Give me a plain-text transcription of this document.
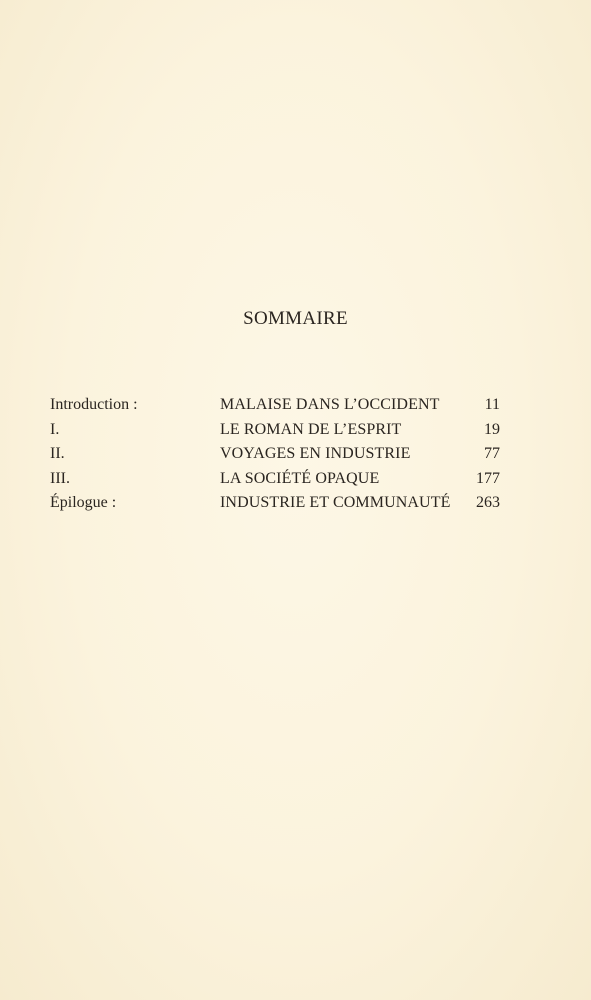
SOMMAIRE
Introduction :	MALAISE DANS L’OCCIDENT	11
I.	LE ROMAN DE L’ESPRIT	19
II.	VOYAGES EN INDUSTRIE	77
III.	LA SOCIÉTÉ OPAQUE	177
Épilogue :	INDUSTRIE ET COMMUNAUTÉ 263
